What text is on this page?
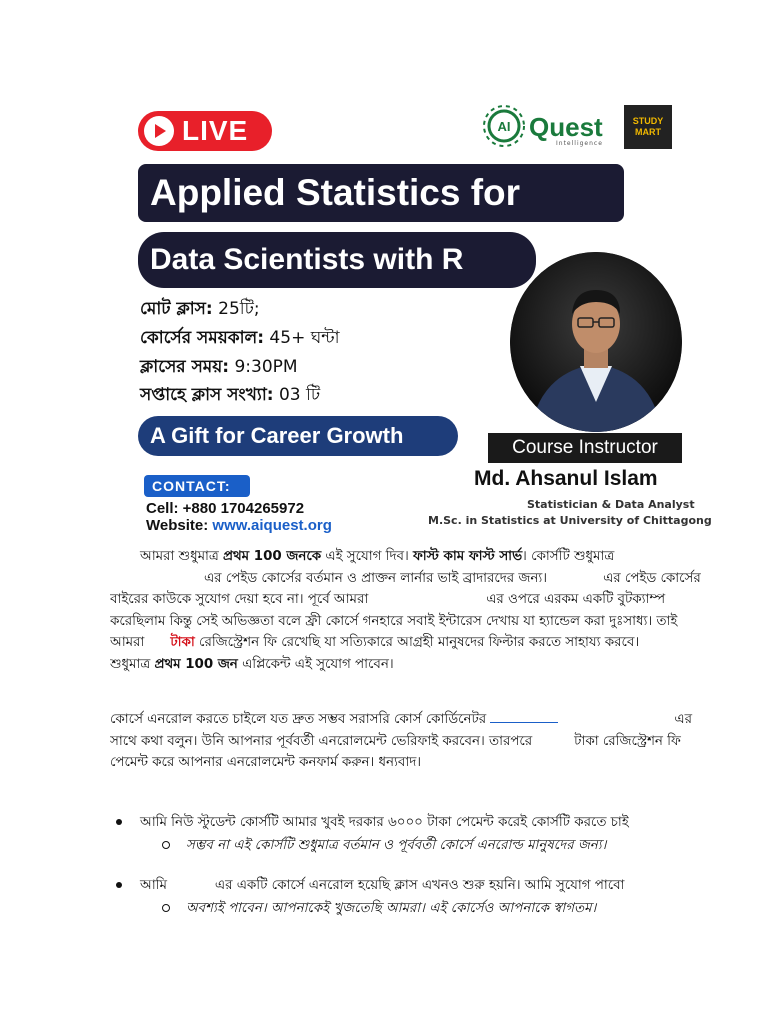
LIVE	AI Quest
Intelligence
STUDY
MART
Applied Statistics for
Data Scientists with R
মোট ক্লাস: 25টি;
কোর্সের সময়কাল: 45+ ঘন্টা
ক্লাসের সময়: 9:30PM
সপ্তাহে ক্লাস সংখ্যা: 03 টি
A Gift for Career Growth	Course Instructor
Md. Ahsanul Islam
Statistician & Data Analyst
M.Sc. in Statistics at University of Chittagong
CONTACT:
Cell: +880 1704265972
Website: www.aiquest.org
আমরা শুধুমাত্র প্রথম 100 জনকে এই সুযোগ দিব। ফাস্ট কাম ফাস্ট সার্ভ। কোর্সটি শুধুমাত্র
এর পেইড কোর্সের বর্তমান ও প্রাক্তন লার্নার ভাই ব্রাদারদের জন্য।	এর পেইড কোর্সের
বাইরের কাউকে সুযোগ দেয়া হবে না। পূর্বে আমরা	এর ওপরে এরকম একটি বুটক্যাম্প
করেছিলাম কিন্তু সেই অভিজ্ঞতা বলে ফ্রী কোর্সে গনহারে সবাই ইন্টারেস দেখায় যা হ্যান্ডেল করা দুঃসাধ্য। তাই
আমরা টাকা রেজিস্ট্রেশন ফি রেখেছি যা সত্যিকারে আগ্রহী মানুষদের ফিল্টার করতে সাহায্য করবে।
শুধুমাত্র প্রথম 100 জন এপ্লিকেন্ট এই সুযোগ পাবেন।
কোর্সে এনরোল করতে চাইলে যত দ্রুত সম্ভব সরাসরি কোর্স কোর্ডিনেটর	এর
সাথে কথা বলুন। উনি আপনার পূর্ববর্তী এনরোলমেন্ট ভেরিফাই করবেন। তারপরে	টাকা রেজিস্ট্রেশন ফি
পেমেন্ট করে আপনার এনরোলমেন্ট কনফার্ম করুন। ধন্যবাদ।
আমি নিউ স্টুডেন্ট কোর্সটি আমার খুবই দরকার ৬০০০ টাকা পেমেন্ট করেই কোর্সটি করতে চাই
সম্ভব না এই কোর্সটি শুধুমাত্র বর্তমান ও পূর্ববর্তী কোর্সে এনরোল্ড মানুষদের জন্য।
আমি	এর একটি কোর্সে এনরোল হয়েছি ক্লাস এখনও শুরু হয়নি। আমি সুযোগ পাবো
অবশ্যই পাবেন। আপনাকেই খুজতেছি আমরা। এই কোর্সেও আপনাকে স্বাগতম।
